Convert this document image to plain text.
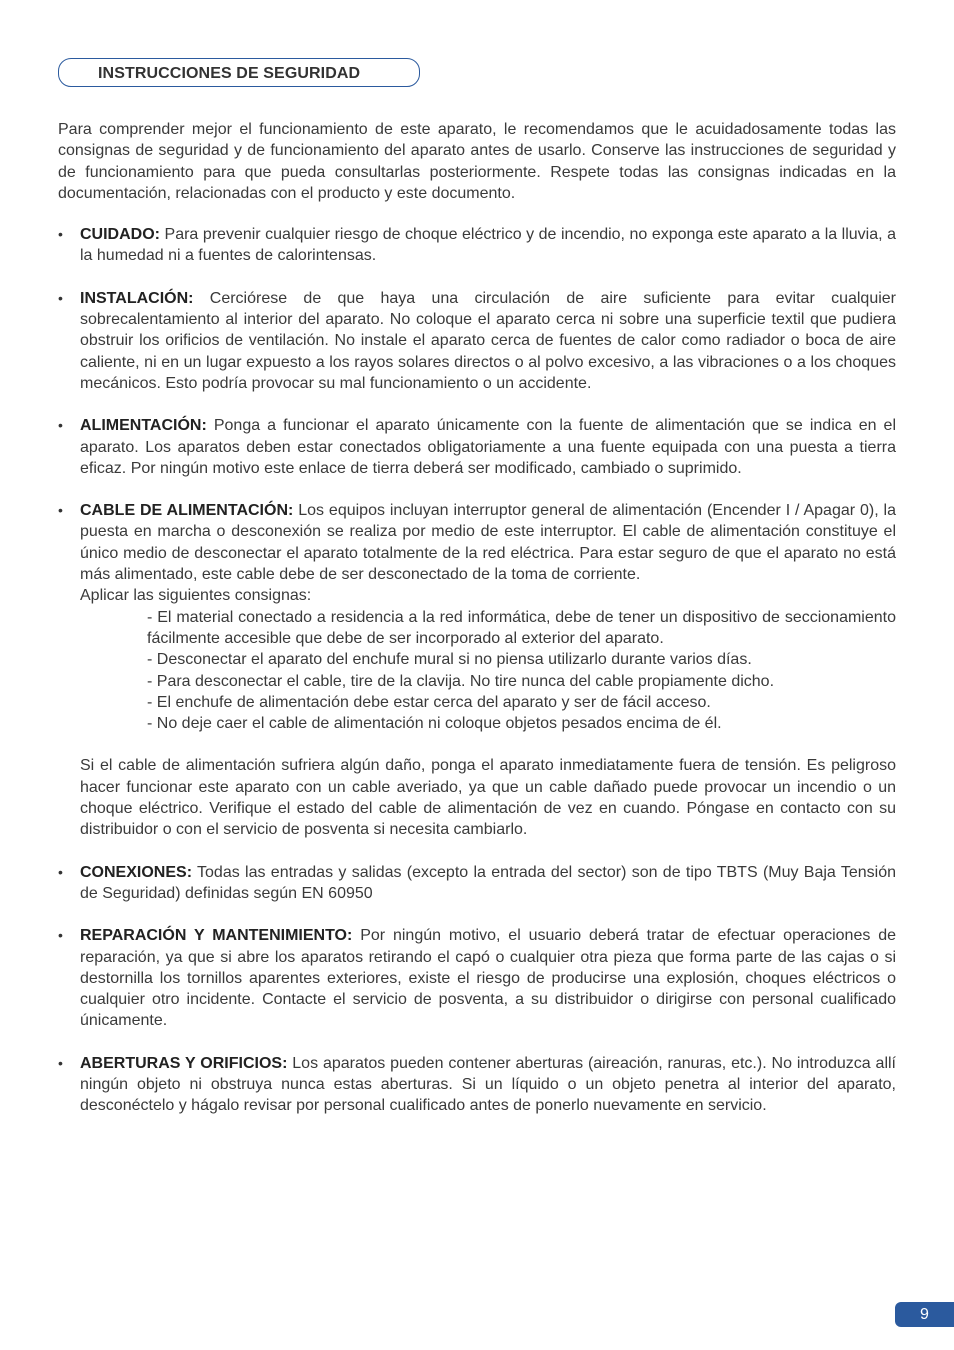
INSTRUCCIONES DE SEGURIDAD

Para comprender mejor el funcionamiento de este aparato, le recomendamos que le acuidadosamente todas las consignas de seguridad y de funcionamiento del aparato antes de usarlo. Conserve las instrucciones de seguridad y de funcionamiento para que pueda consultarlas posteriormente. Respete todas las consignas indicadas en la documentación, relacionadas con el producto y este documento.

• CUIDADO: Para prevenir cualquier riesgo de choque eléctrico y de incendio, no exponga este aparato a la lluvia, a la humedad ni a fuentes de calorintensas.
• INSTALACIÓN: Cerciórese de que haya una circulación de aire suficiente para evitar cualquier sobrecalentamiento al interior del aparato. No coloque el aparato cerca ni sobre una superficie textil que pudiera obstruir los orificios de ventilación. No instale el aparato cerca de fuentes de calor como radiador o boca de aire caliente, ni en un lugar expuesto a los rayos solares directos o al polvo excesivo, a las vibraciones o a los choques mecánicos. Esto podría provocar su mal funcionamiento o un accidente.
• ALIMENTACIÓN: Ponga a funcionar el aparato únicamente con la fuente de alimentación que se indica en el aparato. Los aparatos deben estar conectados obligatoriamente a una fuente equipada con una puesta a tierra eficaz. Por ningún motivo este enlace de tierra deberá ser modificado, cambiado o suprimido.
• CABLE DE ALIMENTACIÓN: Los equipos incluyan interruptor general de alimentación (Encender I / Apagar 0), la puesta en marcha o desconexión se realiza por medio de este interruptor. El cable de alimentación constituye el único medio de desconectar el aparato totalmente de la red eléctrica. Para estar seguro de que el aparato no está más alimentado, este cable debe de ser desconectado de la toma de corriente.

Aplicar las siguientes consignas:

- El material conectado a residencia a la red informática, debe de tener un dispositivo de seccionamiento fácilmente accesible que debe de ser incorporado al exterior del aparato.
- Desconectar el aparato del enchufe mural si no piensa utilizarlo durante varios días.
- Para desconectar el cable, tire de la clavija. No tire nunca del cable propiamente dicho.
- El enchufe de alimentación debe estar cerca del aparato y ser de fácil acceso.
- No deje caer el cable de alimentación ni coloque objetos pesados encima de él.

Si el cable de alimentación sufriera algún daño, ponga el aparato inmediatamente fuera de tensión. Es peligroso hacer funcionar este aparato con un cable averiado, ya que un cable dañado puede provocar un incendio o un choque eléctrico. Verifique el estado del cable de alimentación de vez en cuando. Póngase en contacto con su distribuidor o con el servicio de posventa si necesita cambiarlo.

• CONEXIONES: Todas las entradas y salidas (excepto la entrada del sector) son de tipo TBTS (Muy Baja Tensión de Seguridad) definidas según EN 60950
• REPARACIÓN Y MANTENIMIENTO: Por ningún motivo, el usuario deberá tratar de efectuar operaciones de reparación, ya que si abre los aparatos retirando el capó o cualquier otra pieza que forma parte de las cajas o si destornilla los tornillos aparentes exteriores, existe el riesgo de producirse una explosión, choques eléctricos o cualquier otro incidente. Contacte el servicio de posventa, a su distribuidor o dirigirse con personal cualificado únicamente.
• ABERTURAS Y ORIFICIOS: Los aparatos pueden contener aberturas (aireación, ranuras, etc.). No introduzca allí ningún objeto ni obstruya nunca estas aberturas. Si un líquido o un objeto penetra al interior del aparato, desconéctelo y hágalo revisar por personal cualificado antes de ponerlo nuevamente en servicio.
9
